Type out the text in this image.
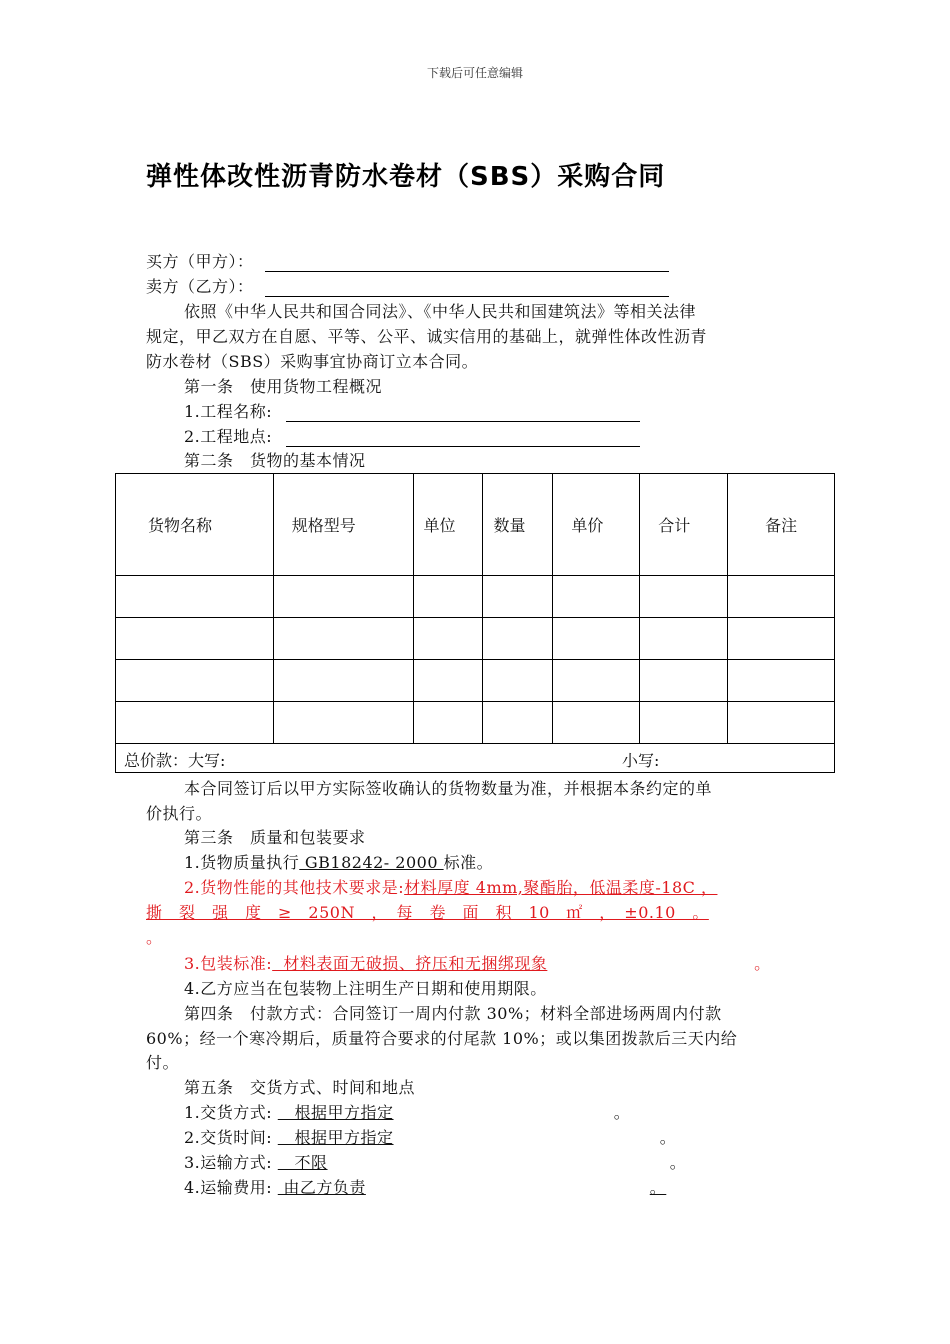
下载后可任意编辑
弹性体改性沥青防水卷材（SBS）采购合同
买方（甲方）：
卖方（乙方）：
依照《中华人民共和国合同法》、《中华人民共和国建筑法》等相关法律
规定，甲乙双方在自愿、平等、公平、诚实信用的基础上，就弹性体改性沥青
防水卷材（SBS）采购事宜协商订立本合同。
第一条　使用货物工程概况
1.工程名称:
2.工程地点:
第二条　货物的基本情况
货物名称	规格型号	单位	数量	单价	合计	备注

总价款：大写: 小写:						
本合同签订后以甲方实际签收确认的货物数量为准，并根据本条约定的单
价执行。
第三条　质量和包装要求
1.货物质量执行 GB18242- 2000 标准。
2.货物性能的其他技术要求是:材料厚度 4mm,聚酯胎，低温柔度-18C ，
撕　裂　强　度　≥　250N　，　每　卷　面　积　10　㎡　，　±0.10　。
。
3.包装标准:  材料表面无破损、挤压和无捆绑现象	。
4.乙方应当在包装物上注明生产日期和使用期限。
第四条　付款方式：合同签订一周内付款 30%；材料全部进场两周内付款
60%；经一个寒冷期后，质量符合要求的付尾款 10%；或以集团拨款后三天内给
付。
第五条　交货方式、时间和地点
1.交货方式:    根据甲方指定	。
2.交货时间:    根据甲方指定	。
3.运输方式:    不限	。
4.运输费用:  由乙方负责	。
